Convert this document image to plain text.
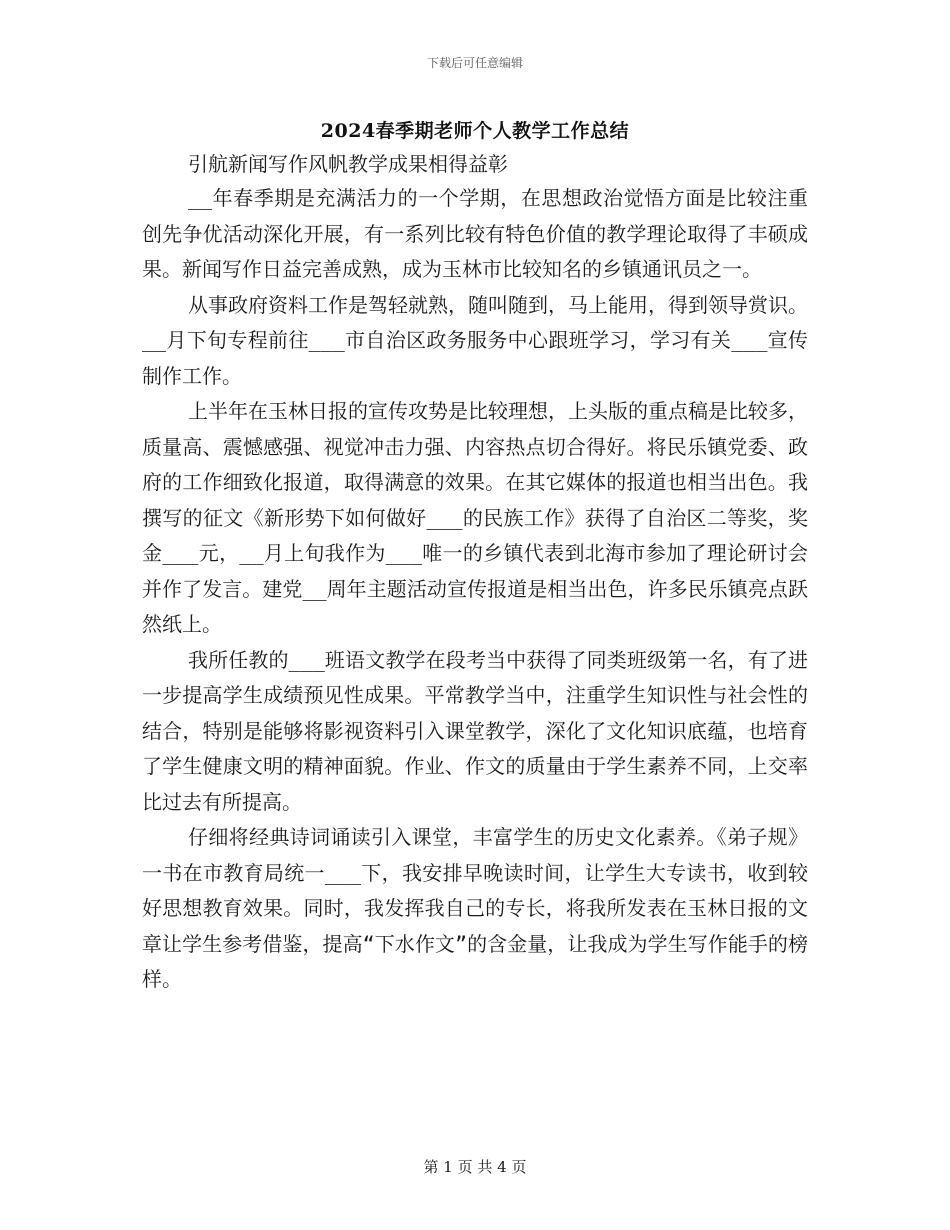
下载后可任意编辑
2024春季期老师个人教学工作总结
引航新闻写作风帆教学成果相得益彰

__年春季期是充满活力的一个学期，在思想政治觉悟方面是比较注重创先争优活动深化开展，有一系列比较有特色价值的教学理论取得了丰硕成果。新闻写作日益完善成熟，成为玉林市比较知名的乡镇通讯员之一。

从事政府资料工作是驾轻就熟，随叫随到，马上能用，得到领导赏识。__月下旬专程前往___市自治区政务服务中心跟班学习，学习有关___宣传制作工作。

上半年在玉林日报的宣传攻势是比较理想，上头版的重点稿是比较多，质量高、震憾感强、视觉冲击力强、内容热点切合得好。将民乐镇党委、政府的工作细致化报道，取得满意的效果。在其它媒体的报道也相当出色。我撰写的征文《新形势下如何做好___的民族工作》获得了自治区二等奖，奖金___元，__月上旬我作为___唯一的乡镇代表到北海市参加了理论研讨会并作了发言。建党__周年主题活动宣传报道是相当出色，许多民乐镇亮点跃然纸上。

我所任教的___班语文教学在段考当中获得了同类班级第一名，有了进一步提高学生成绩预见性成果。平常教学当中，注重学生知识性与社会性的结合，特别是能够将影视资料引入课堂教学，深化了文化知识底蕴，也培育了学生健康文明的精神面貌。作业、作文的质量由于学生素养不同，上交率比过去有所提高。

仔细将经典诗词诵读引入课堂，丰富学生的历史文化素养。《弟子规》一书在市教育局统一___下，我安排早晚读时间，让学生大专读书，收到较好思想教育效果。同时，我发挥我自己的专长，将我所发表在玉林日报的文章让学生参考借鉴，提高“下水作文”的含金量，让我成为学生写作能手的榜样。

第 1 页 共 4 页
